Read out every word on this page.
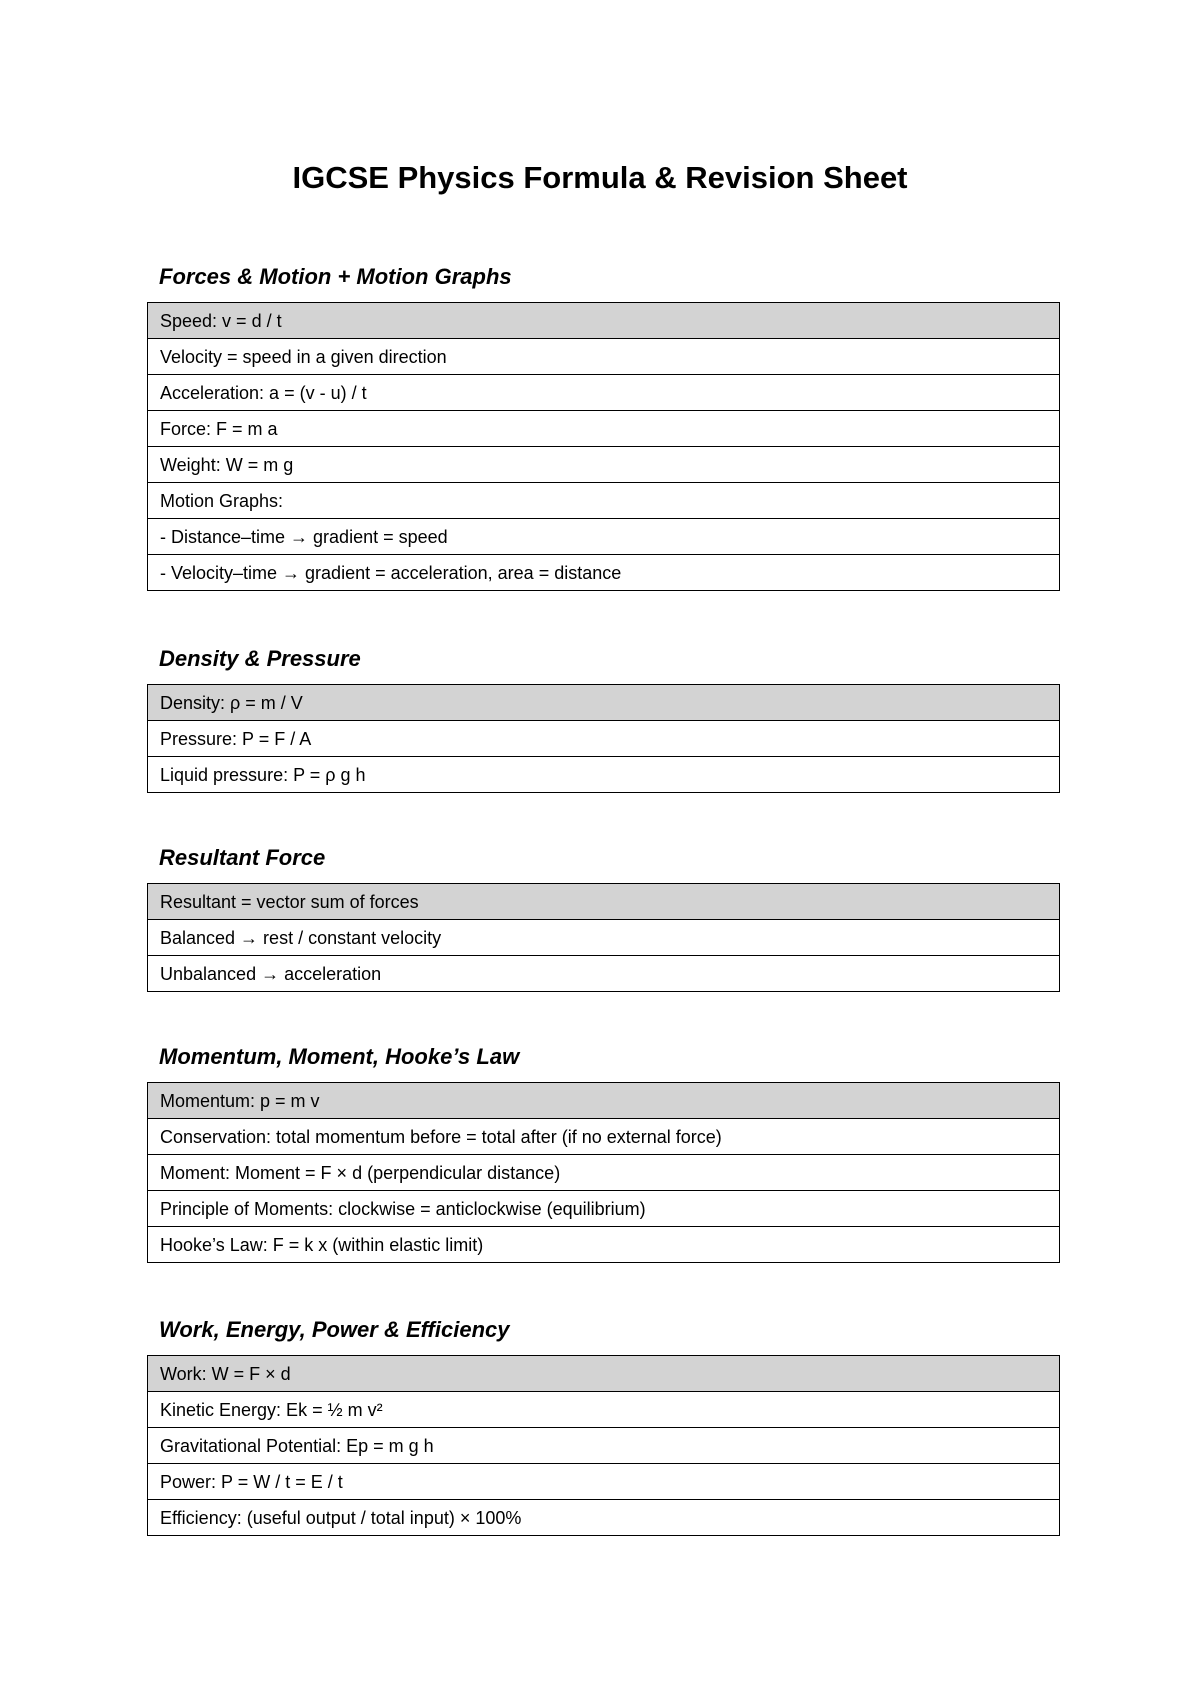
IGCSE Physics Formula & Revision Sheet
Forces & Motion + Motion Graphs
Speed: v = d / t
Velocity = speed in a given direction
Acceleration: a = (v - u) / t
Force: F = m a
Weight: W = m g
Motion Graphs:
- Distance–time → gradient = speed
- Velocity–time → gradient = acceleration, area = distance
Density & Pressure
Density: ρ = m / V
Pressure: P = F / A
Liquid pressure: P = ρ g h
Resultant Force
Resultant = vector sum of forces
Balanced → rest / constant velocity
Unbalanced → acceleration
Momentum, Moment, Hooke’s Law
Momentum: p = m v
Conservation: total momentum before = total after (if no external force)
Moment: Moment = F × d (perpendicular distance)
Principle of Moments: clockwise = anticlockwise (equilibrium)
Hooke’s Law: F = k x (within elastic limit)
Work, Energy, Power & Efficiency
Work: W = F × d
Kinetic Energy: Ek = ½ m v²
Gravitational Potential: Ep = m g h
Power: P = W / t = E / t
Efficiency: (useful output / total input) × 100%
